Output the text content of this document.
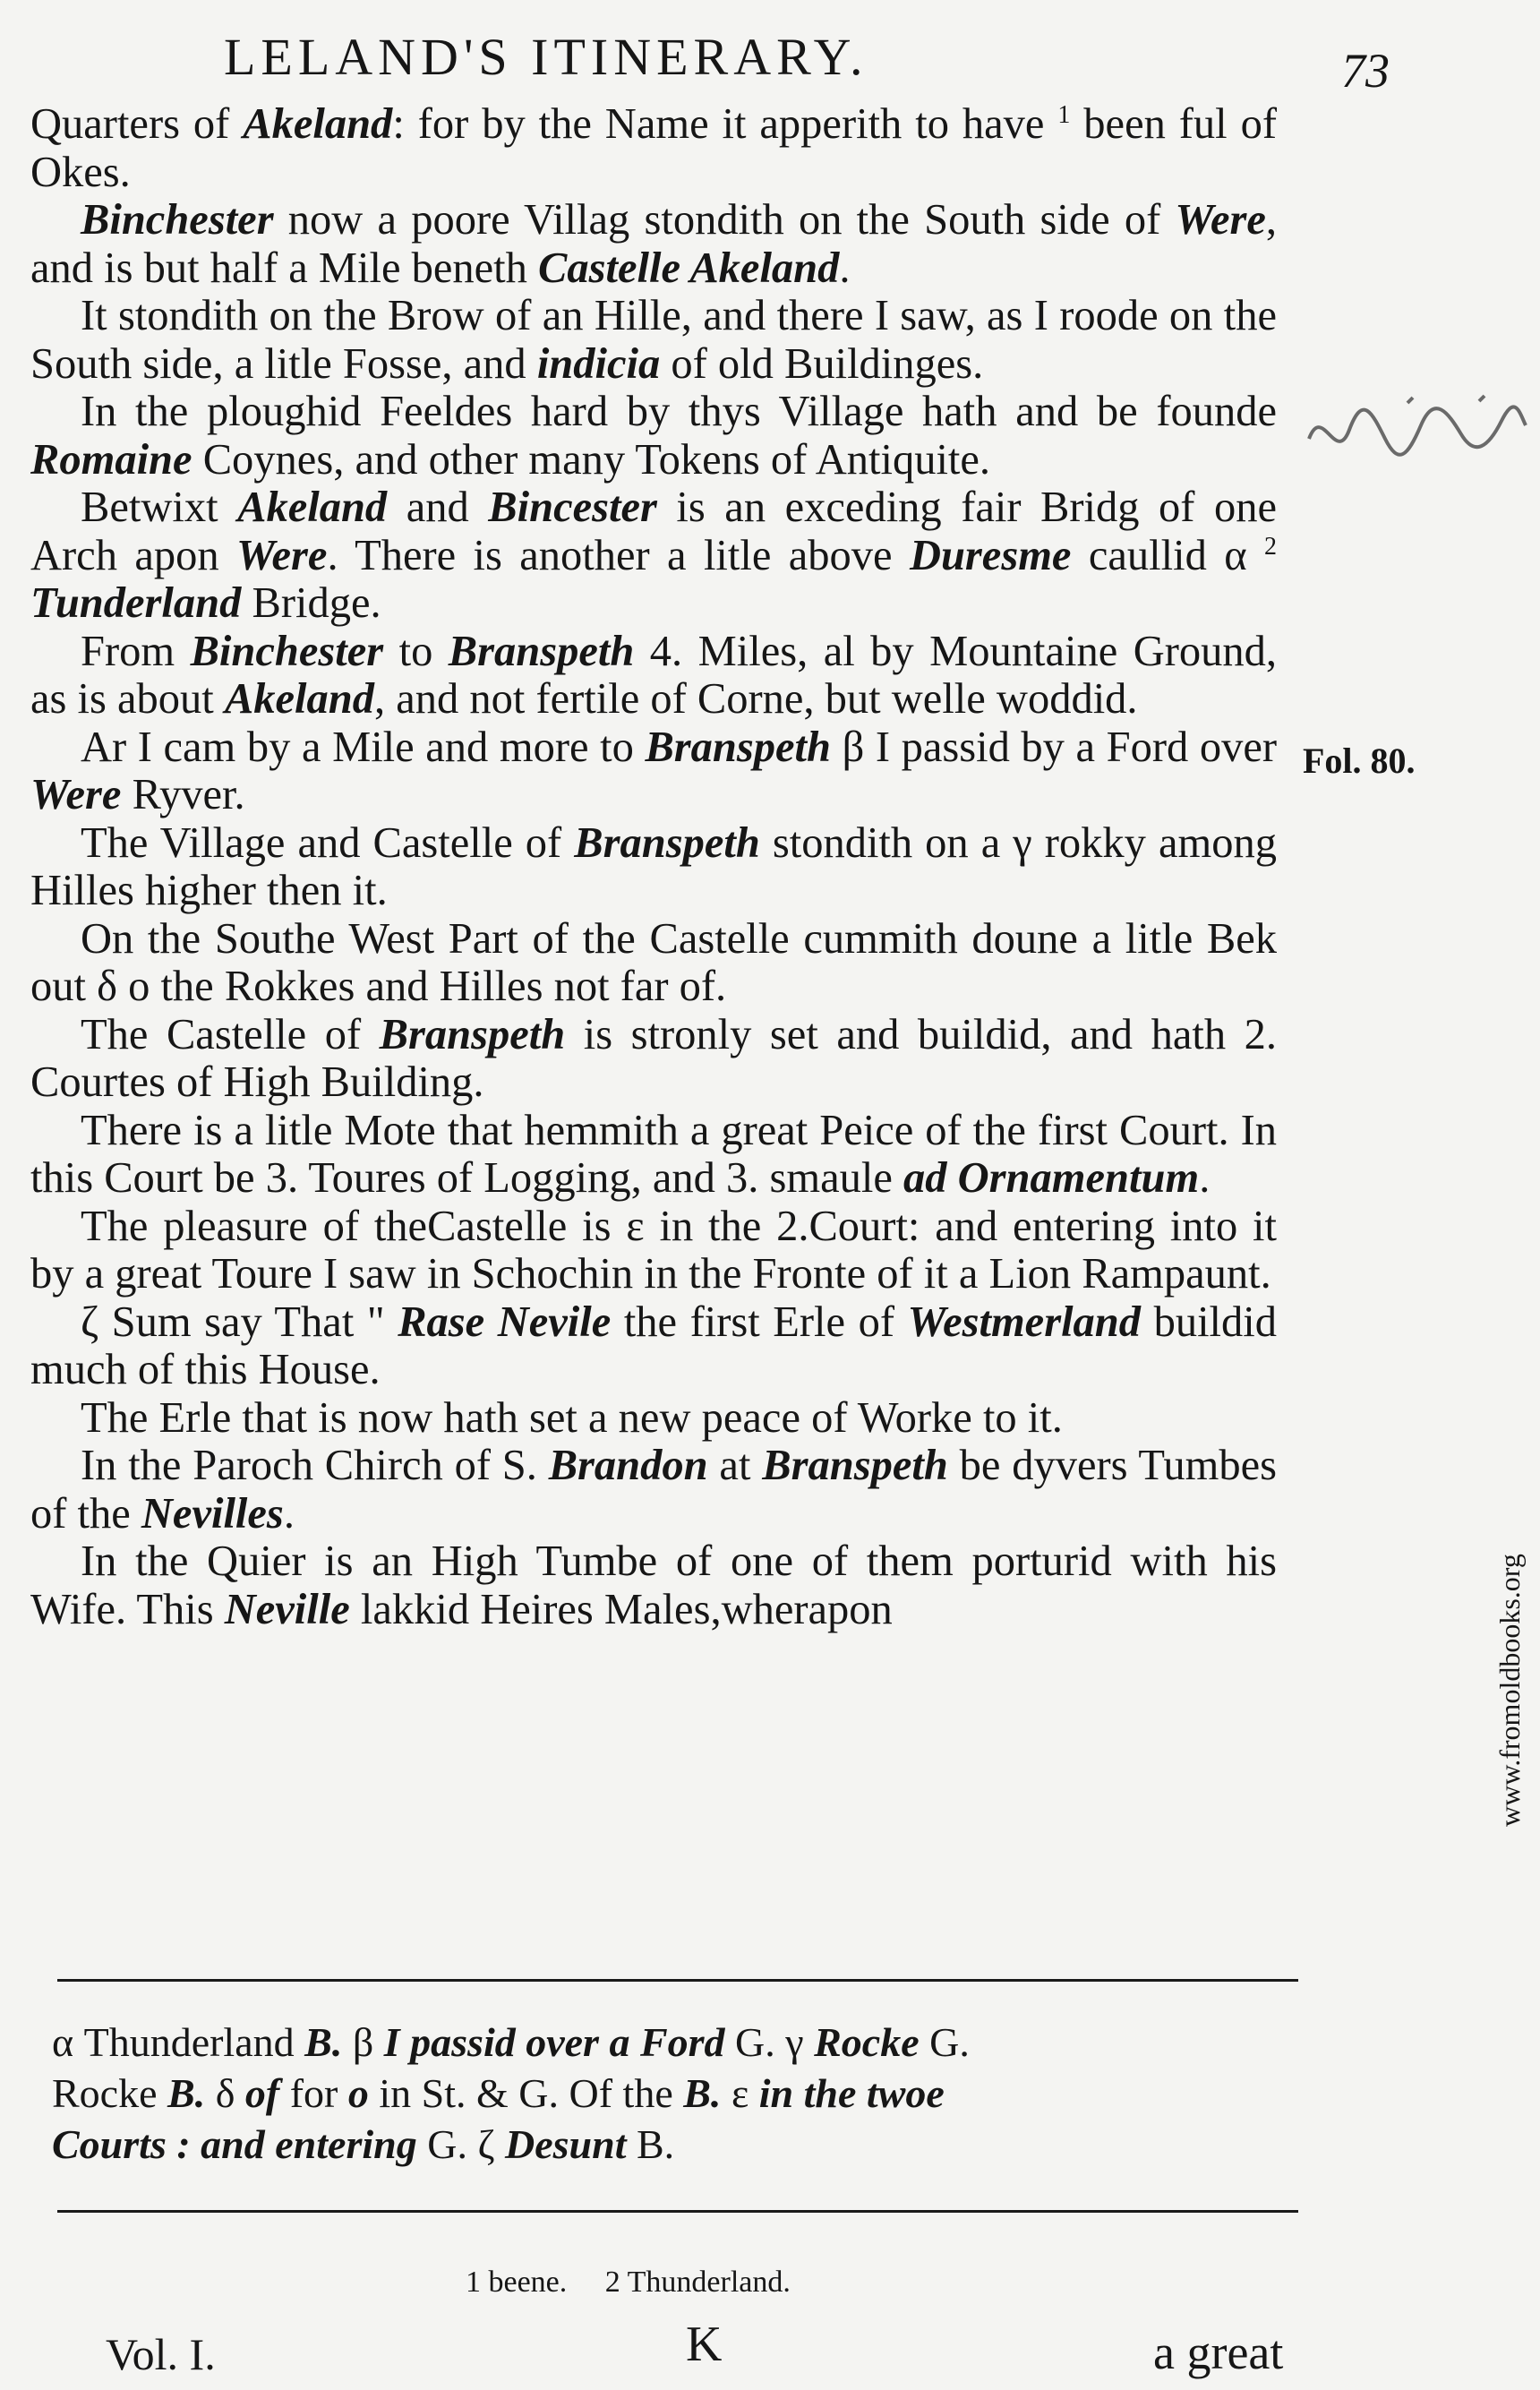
LELAND'S ITINERARY.	73

Quarters of Akeland: for by the Name it apperith to have $^1$ been ful of Okes.

Binchester now a poore Villag stondith on the South side of Were, and is but half a Mile beneth Castelle Akeland.

It stondith on the Brow of an Hille, and there I saw, as I roode on the South side, a litle Fosse, and indicia of old Buildinges.

In the ploughid Feeldes hard by thys Village hath and be founde Romaine Coynes, and other many Tokens of Antiquite.

Betwixt Akeland and Bincester is an exceding fair Bridg of one Arch apon Were. There is another a litle above Duresme caullid α $^2$ Tunderland Bridge.

From Binchester to Branspeth 4. Miles, al by Mountaine Ground, as is about Akeland, and not fertile of Corne, but welle woddid.

Ar I cam by a Mile and more to Branspeth β I passid by a Ford over Were Ryver.

The Village and Castelle of Branspeth stondith on a γ rokky among Hilles higher then it.

On the Southe West Part of the Castelle cummith doune a litle Bek out δ o the Rokkes and Hilles not far of.

The Castelle of Branspeth is stronly set and buildid, and hath 2. Courtes of High Building.

There is a litle Mote that hemmith a great Peice of the first Court. In this Court be 3. Toures of Logging, and 3. smaule ad Ornamentum.

The pleasure of theCastelle is ε in the 2.Court: and entering into it by a great Toure I saw in Schochin in the Fronte of it a Lion Rampaunt.

ζ Sum say That " Rase Nevile the first Erle of Westmerland buildid much of this House.

The Erle that is now hath set a new peace of Worke to it.

In the Paroch Chirch of S. Brandon at Branspeth be dyvers Tumbes of the Nevilles.

In the Quier is an High Tumbe of one of them porturid with his Wife. This Neville lakkid Heires Males,wherapon

Fol. 80.
α Thunderland B. β I passid over a Ford G. γ Rocke G.
Rocke B. δ of for o in St. & G. Of the B. ε in the twoe
Courts : and entering G. ζ Desunt B.
1 beene. 2 Thunderland.
Vol. I.	K	a great
www.fromoldbooks.org
